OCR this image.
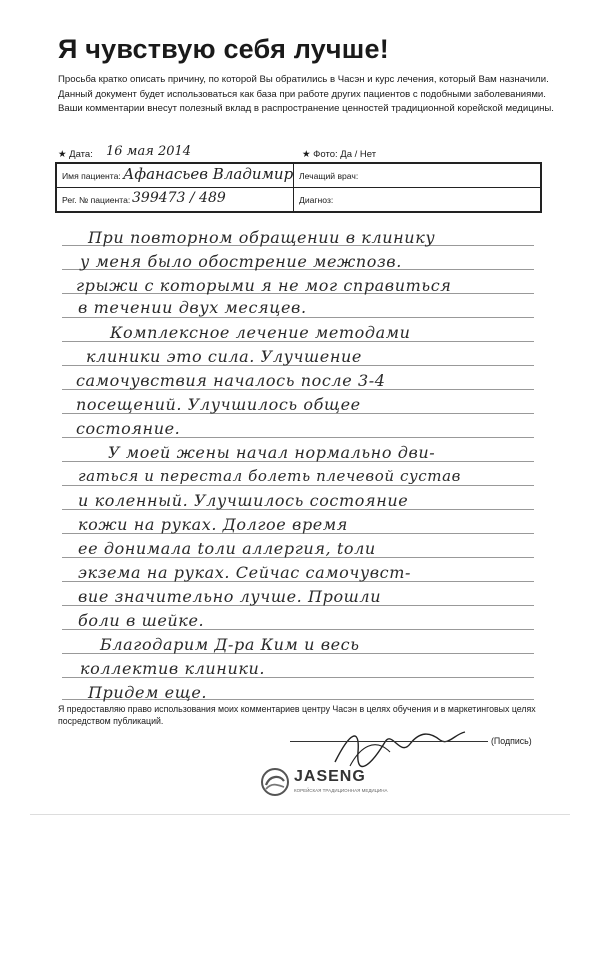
Я чувствую себя лучше!
Просьба кратко описать причину, по которой Вы обратились в Часэн и курс лечения, который Вам назначили.
Данный документ будет использоваться как база при работе других пациентов с подобными заболеваниями.
Ваши комментарии внесут полезный вклад в распространение ценностей традиционной корейской медицины.
★ Дата: 16 мая 2014	★ Фото: Да / Нет
Имя пациента: Афанасьев Владимир Лечащий врач:
Рег. № пациента: 399473 / 489	Диагноз:
При повторном обращении в клинику
у меня было обострение межпозв.
грыжи с которыми я не мог справиться
в течении двух месяцев.
Комплексное лечение методами
клиники это сила. Улучшение
самочувствия началось после 3-4
посещений. Улучшилось общее
состояние.
У моей жены начал нормально дви-
гаться и перестал болеть плечевой сустав
и коленный. Улучшилось состояние
кожи на руках. Долгое время
ее донимала toли аллергия, toли
экзема на руках. Сейчас самочувст-
вие значительно лучше. Прошли
боли в шейке.
Благодарим Д-ра Ким и весь
коллектив клиники.
Придем еще.
Я предоставляю право использования моих комментариев центру Часэн в целях обучения и в маркетинговых целях посредством публикаций.
(Подпись)
JASENG
КОРЕЙСКАЯ ТРАДИЦИОННАЯ МЕДИЦИНА
